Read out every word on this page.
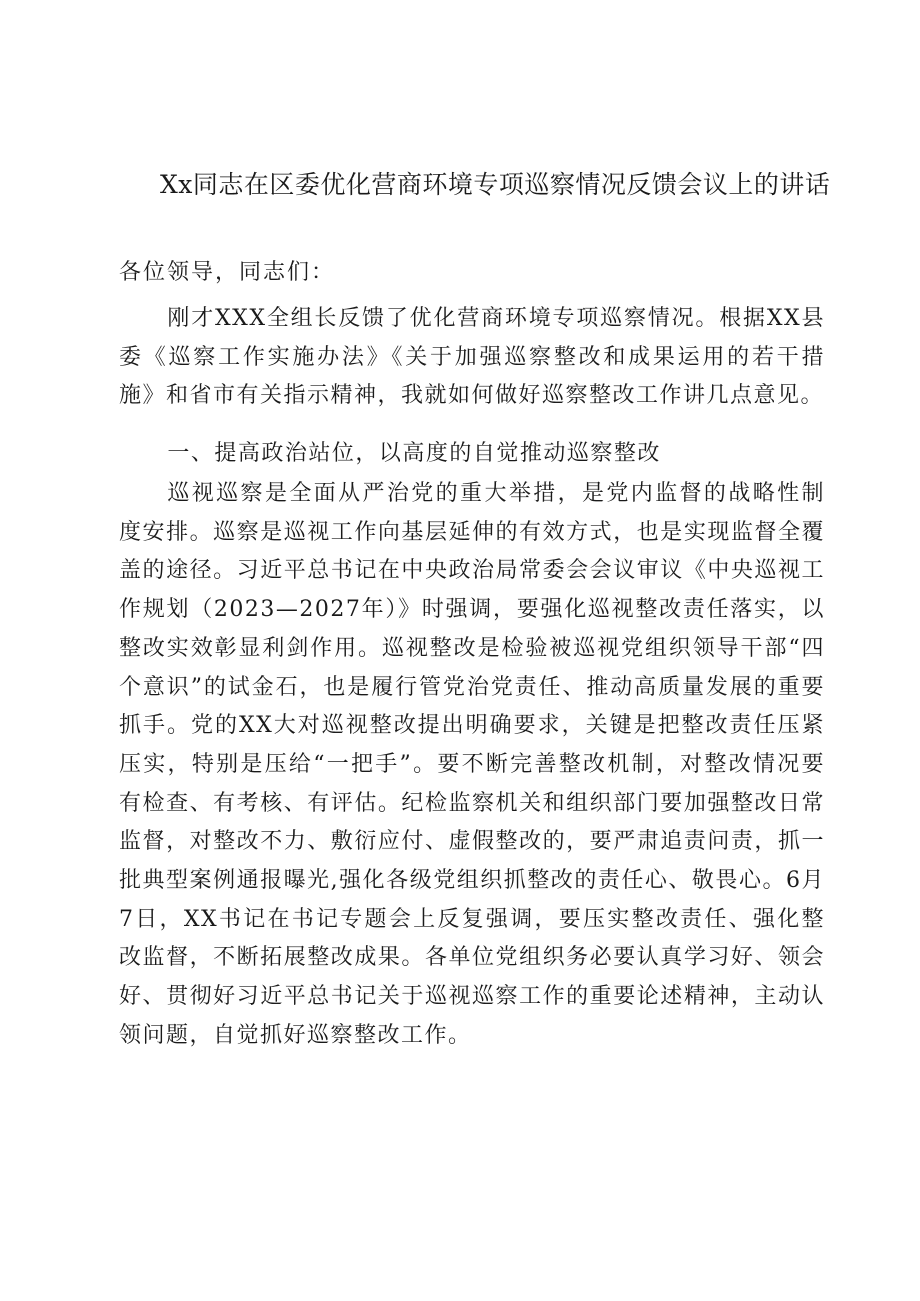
Xx同志在区委优化营商环境专项巡察情况反馈会议上的讲话
各位领导，同志们：

刚才XXX全组长反馈了优化营商环境专项巡察情况。根据XX县委《巡察工作实施办法》《关于加强巡察整改和成果运用的若干措施》和省市有关指示精神，我就如何做好巡察整改工作讲几点意见。

一、提高政治站位，以高度的自觉推动巡察整改

巡视巡察是全面从严治党的重大举措，是党内监督的战略性制度安排。巡察是巡视工作向基层延伸的有效方式，也是实现监督全覆盖的途径。习近平总书记在中央政治局常委会会议审议《中央巡视工作规划（2023—2027年）》时强调，要强化巡视整改责任落实，以整改实效彰显利剑作用。巡视整改是检验被巡视党组织领导干部“四个意识”的试金石，也是履行管党治党责任、推动高质量发展的重要抓手。党的XX大对巡视整改提出明确要求，关键是把整改责任压紧压实，特别是压给“一把手”。要不断完善整改机制，对整改情况要有检查、有考核、有评估。纪检监察机关和组织部门要加强整改日常监督，对整改不力、敷衍应付、虚假整改的，要严肃追责问责，抓一批典型案例通报曝光,强化各级党组织抓整改的责任心、敬畏心。6月7日，XX书记在书记专题会上反复强调，要压实整改责任、强化整改监督，不断拓展整改成果。各单位党组织务必要认真学习好、领会好、贯彻好习近平总书记关于巡视巡察工作的重要论述精神，主动认领问题，自觉抓好巡察整改工作。
